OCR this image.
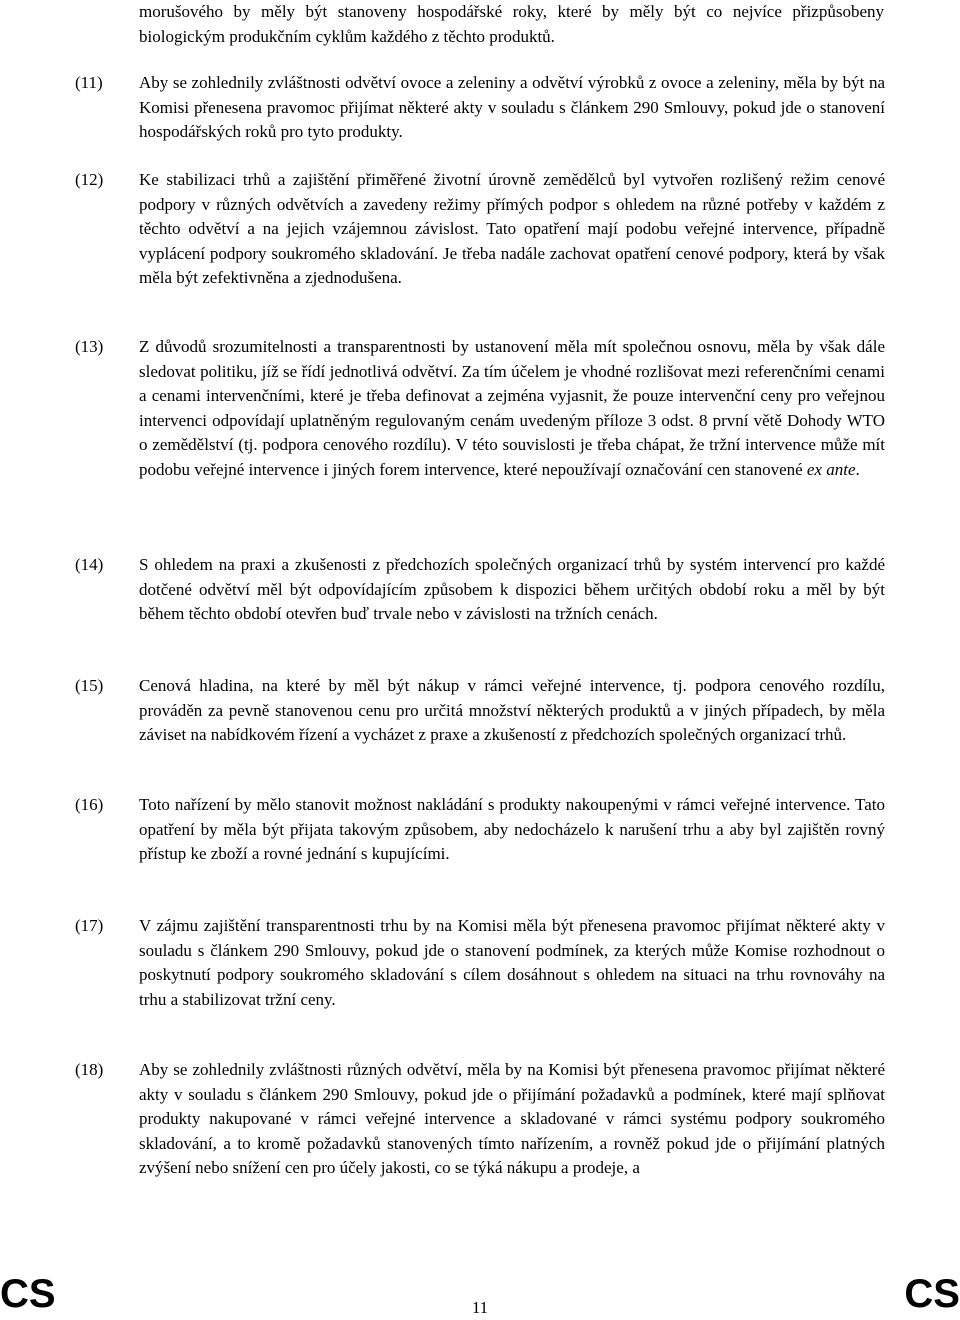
morušového by měly být stanoveny hospodářské roky, které by měly být co nejvíce přizpůsobeny biologickým produkčním cyklům každého z těchto produktů.
(11)	Aby se zohlednily zvláštnosti odvětví ovoce a zeleniny a odvětví výrobků z ovoce a zeleniny, měla by být na Komisi přenesena pravomoc přijímat některé akty v souladu s článkem 290 Smlouvy, pokud jde o stanovení hospodářských roků pro tyto produkty.
(12)	Ke stabilizaci trhů a zajištění přiměřené životní úrovně zemědělců byl vytvořen rozlišený režim cenové podpory v různých odvětvích a zavedeny režimy přímých podpor s ohledem na různé potřeby v každém z těchto odvětví a na jejich vzájemnou závislost. Tato opatření mají podobu veřejné intervence, případně vyplácení podpory soukromého skladování. Je třeba nadále zachovat opatření cenové podpory, která by však měla být zefektivněna a zjednodušena.
(13)	Z důvodů srozumitelnosti a transparentnosti by ustanovení měla mít společnou osnovu, měla by však dále sledovat politiku, jíž se řídí jednotlivá odvětví. Za tím účelem je vhodné rozlišovat mezi referenčními cenami a cenami intervenčními, které je třeba definovat a zejména vyjasnit, že pouze intervenční ceny pro veřejnou intervenci odpovídají uplatněným regulovaným cenám uvedeným příloze 3 odst. 8 první větě Dohody WTO o zemědělství (tj. podpora cenového rozdílu). V této souvislosti je třeba chápat, že tržní intervence může mít podobu veřejné intervence i jiných forem intervence, které nepoužívají označování cen stanovené ex ante.
(14)	S ohledem na praxi a zkušenosti z předchozích společných organizací trhů by systém intervencí pro každé dotčené odvětví měl být odpovídajícím způsobem k dispozici během určitých období roku a měl by být během těchto období otevřen buď trvale nebo v závislosti na tržních cenách.
(15)	Cenová hladina, na které by měl být nákup v rámci veřejné intervence, tj. podpora cenového rozdílu, prováděn za pevně stanovenou cenu pro určitá množství některých produktů a v jiných případech, by měla záviset na nabídkovém řízení a vycházet z praxe a zkušeností z předchozích společných organizací trhů.
(16)	Toto nařízení by mělo stanovit možnost nakládání s produkty nakoupenými v rámci veřejné intervence. Tato opatření by měla být přijata takovým způsobem, aby nedocházelo k narušení trhu a aby byl zajištěn rovný přístup ke zboží a rovné jednání s kupujícími.
(17)	V zájmu zajištění transparentnosti trhu by na Komisi měla být přenesena pravomoc přijímat některé akty v souladu s článkem 290 Smlouvy, pokud jde o stanovení podmínek, za kterých může Komise rozhodnout o poskytnutí podpory soukromého skladování s cílem dosáhnout s ohledem na situaci na trhu rovnováhy na trhu a stabilizovat tržní ceny.
(18)	Aby se zohlednily zvláštnosti různých odvětví, měla by na Komisi být přenesena pravomoc přijímat některé akty v souladu s článkem 290 Smlouvy, pokud jde o přijímání požadavků a podmínek, které mají splňovat produkty nakupované v rámci veřejné intervence a skladované v rámci systému podpory soukromého skladování, a to kromě požadavků stanovených tímto nařízením, a rovněž pokud jde o přijímání platných zvýšení nebo snížení cen pro účely jakosti, co se týká nákupu a prodeje, a
CS	11	CS
